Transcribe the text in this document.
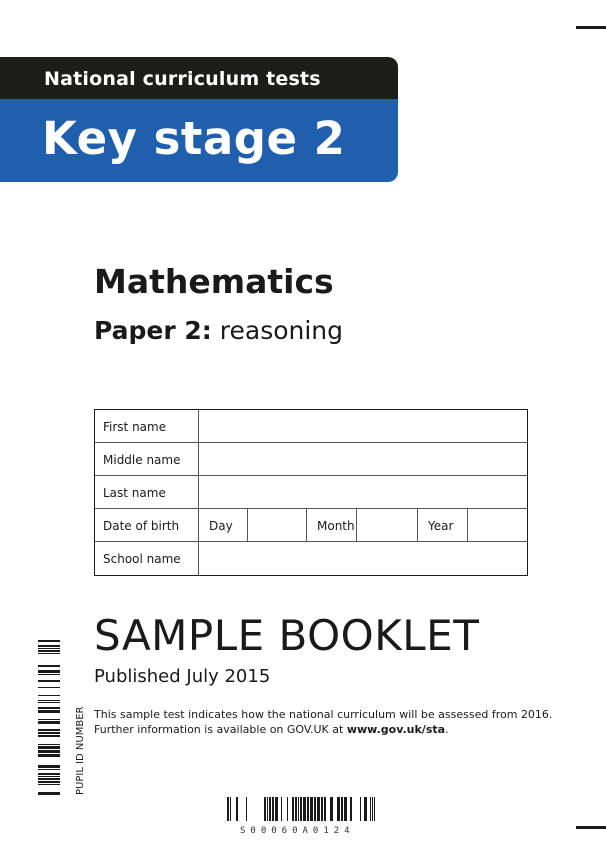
National curriculum tests
Key stage 2
Mathematics
Paper 2: reasoning
First name
Middle name
Last name
Date of birth	Day	Month	Year
School name
SAMPLE BOOKLET
Published July 2015
This sample test indicates how the national curriculum will be assessed from 2016.
Further information is available on GOV.UK at www.gov.uk/sta.
PUPIL ID NUMBER
S00060A0124
